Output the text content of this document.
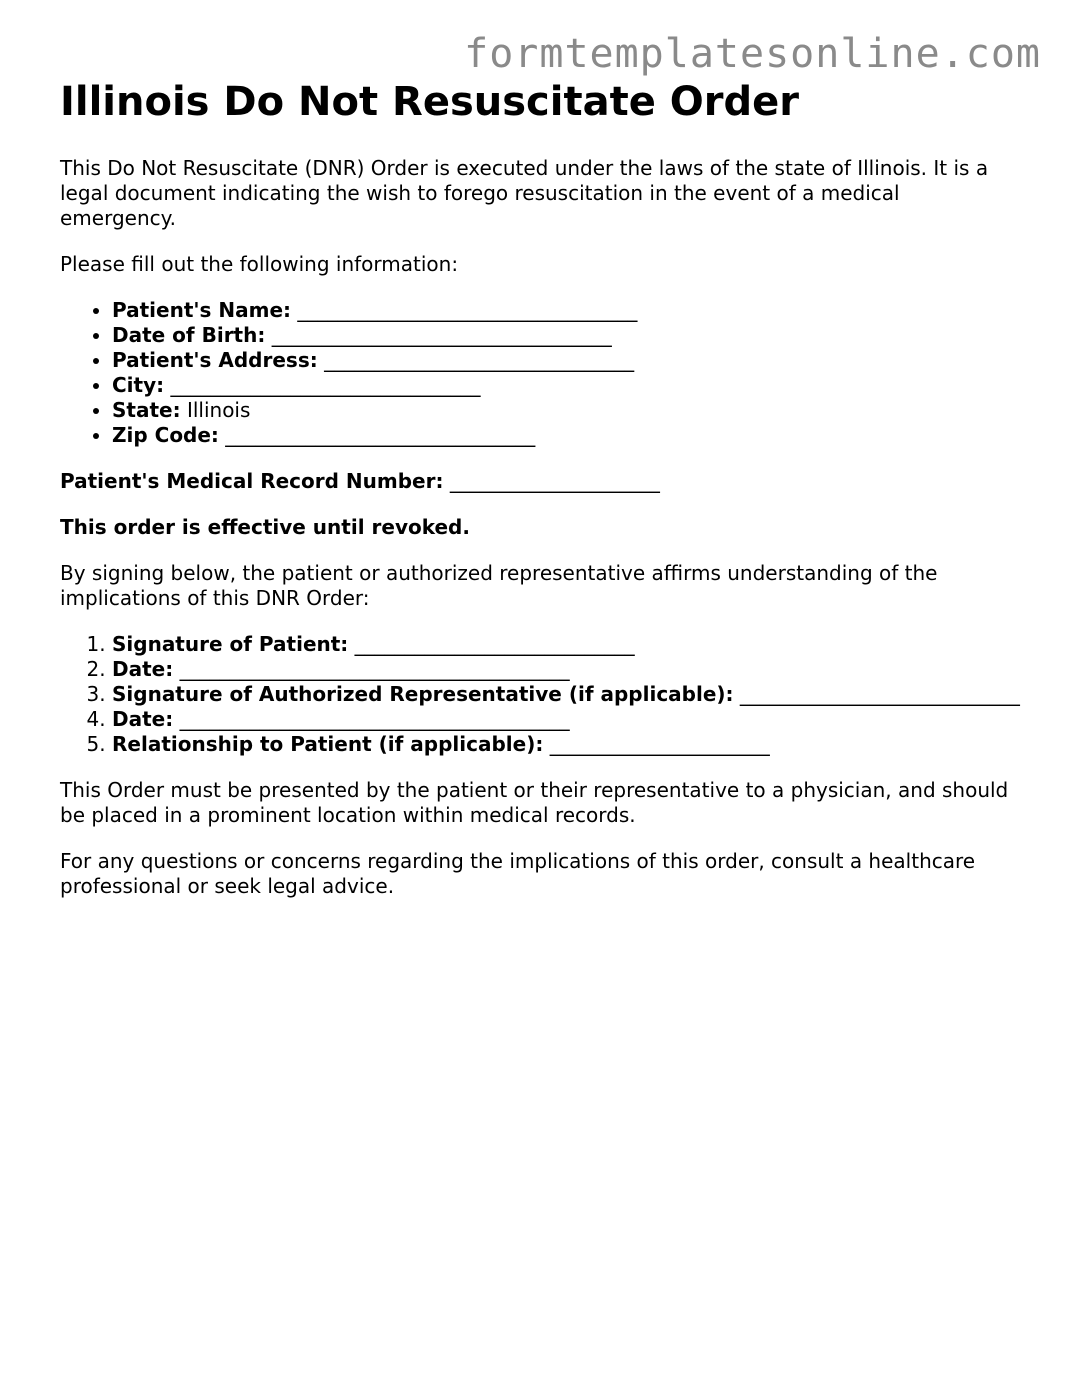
formtemplatesonline.com
Illinois Do Not Resuscitate Order

This Do Not Resuscitate (DNR) Order is executed under the laws of the state of Illinois. It is a legal document indicating the wish to forego resuscitation in the event of a medical emergency.

Please fill out the following information:

• Patient's Name: __________________________________
• Date of Birth: __________________________________
• Patient's Address: _______________________________
• City: _______________________________
• State: Illinois
• Zip Code: _______________________________

Patient's Medical Record Number: _____________________

This order is effective until revoked.

By signing below, the patient or authorized representative affirms understanding of the implications of this DNR Order:

1. Signature of Patient: ____________________________
2. Date: _______________________________________
3. Signature of Authorized Representative (if applicable): ____________________________
4. Date: _______________________________________
5. Relationship to Patient (if applicable): ______________________

This Order must be presented by the patient or their representative to a physician, and should be placed in a prominent location within medical records.

For any questions or concerns regarding the implications of this order, consult a healthcare professional or seek legal advice.
